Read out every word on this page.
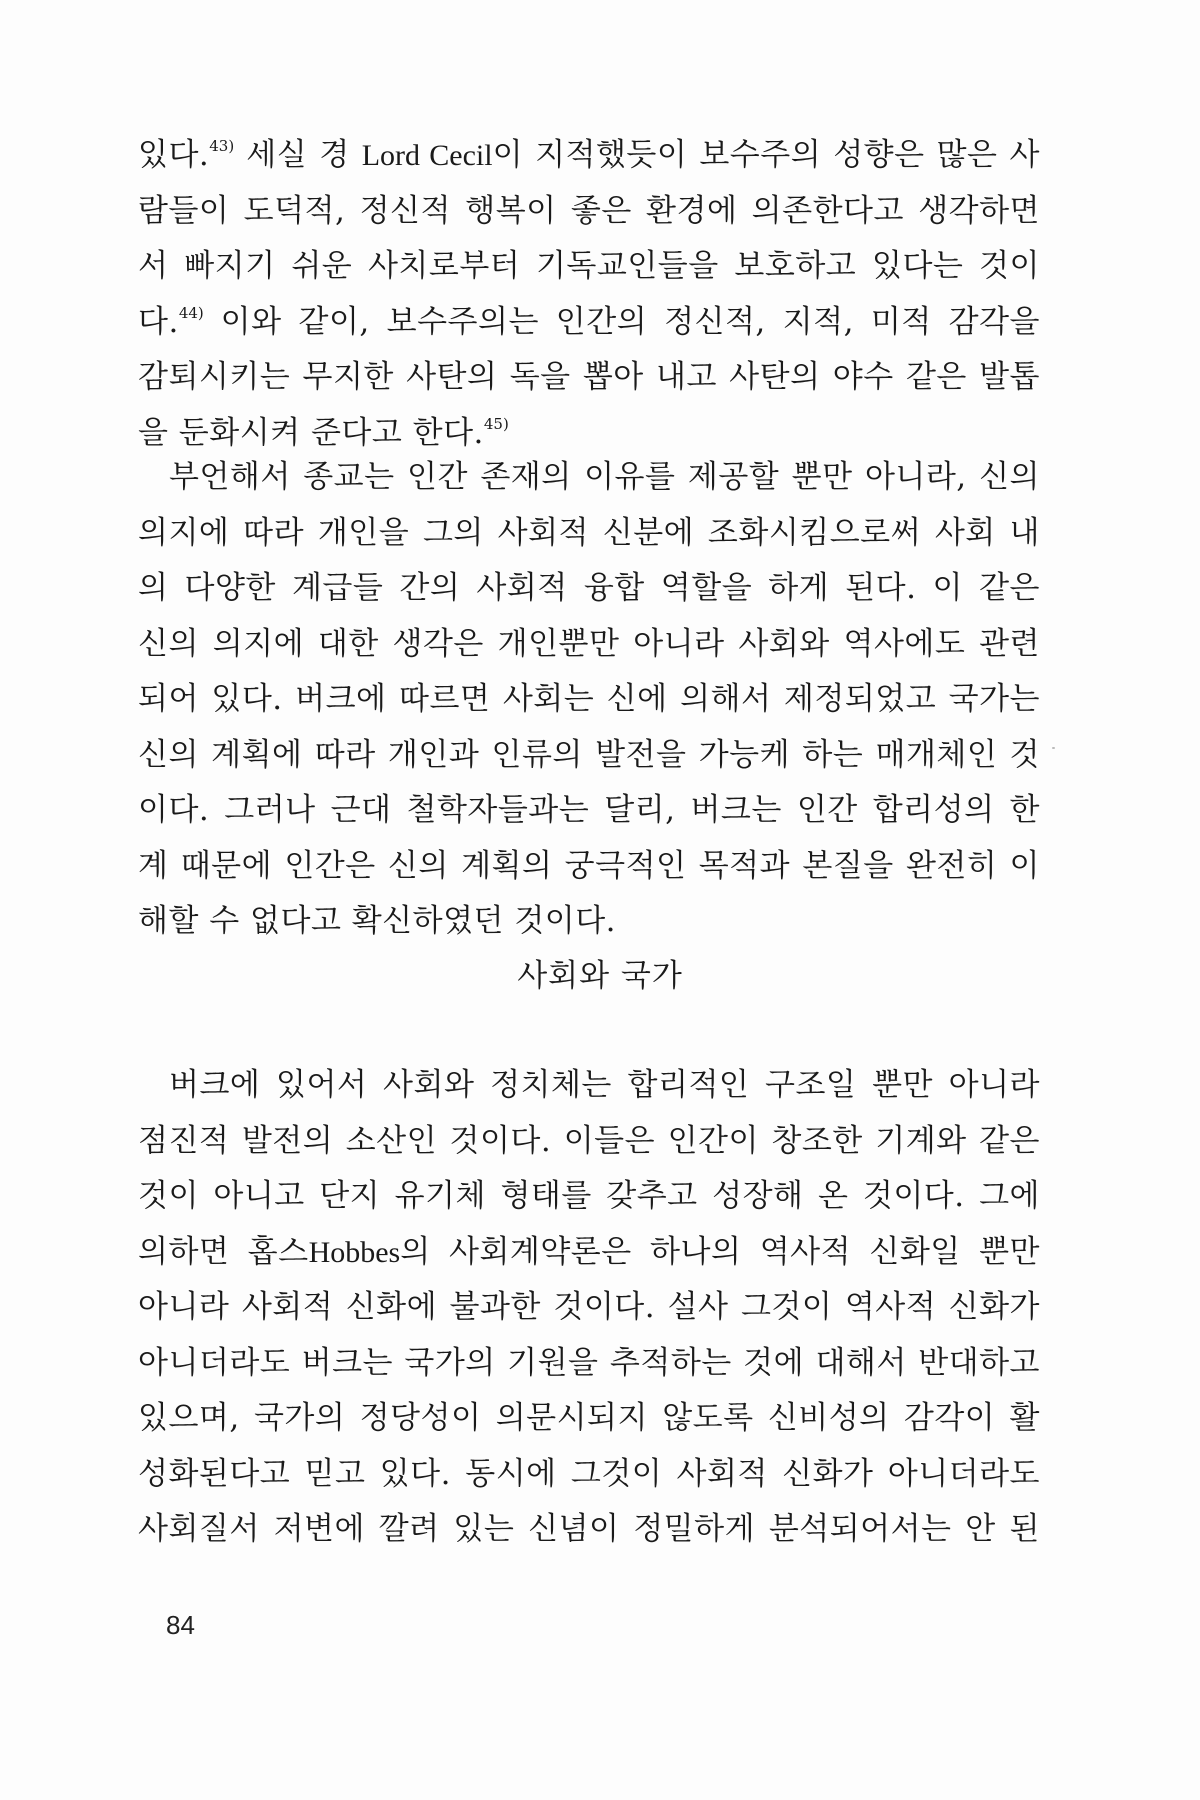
있다.$^{43)}$ 세실 경 Lord Cecil이 지적했듯이 보수주의 성향은 많은 사
람들이 도덕적, 정신적 행복이 좋은 환경에 의존한다고 생각하면
서 빠지기 쉬운 사치로부터 기독교인들을 보호하고 있다는 것이
다.$^{44)}$ 이와 같이, 보수주의는 인간의 정신적, 지적, 미적 감각을
감퇴시키는 무지한 사탄의 독을 뽑아 내고 사탄의 야수 같은 발톱
을 둔화시켜 준다고 한다.$^{45)}$
부언해서 종교는 인간 존재의 이유를 제공할 뿐만 아니라, 신의
의지에 따라 개인을 그의 사회적 신분에 조화시킴으로써 사회 내
의 다양한 계급들 간의 사회적 융합 역할을 하게 된다. 이 같은
신의 의지에 대한 생각은 개인뿐만 아니라 사회와 역사에도 관련
되어 있다. 버크에 따르면 사회는 신에 의해서 제정되었고 국가는
신의 계획에 따라 개인과 인류의 발전을 가능케 하는 매개체인 것
이다. 그러나 근대 철학자들과는 달리, 버크는 인간 합리성의 한
계 때문에 인간은 신의 계획의 궁극적인 목적과 본질을 완전히 이
해할 수 없다고 확신하였던 것이다.
사회와 국가
버크에 있어서 사회와 정치체는 합리적인 구조일 뿐만 아니라
점진적 발전의 소산인 것이다. 이들은 인간이 창조한 기계와 같은
것이 아니고 단지 유기체 형태를 갖추고 성장해 온 것이다. 그에
의하면 홉스Hobbes의 사회계약론은 하나의 역사적 신화일 뿐만
아니라 사회적 신화에 불과한 것이다. 설사 그것이 역사적 신화가
아니더라도 버크는 국가의 기원을 추적하는 것에 대해서 반대하고
있으며, 국가의 정당성이 의문시되지 않도록 신비성의 감각이 활
성화된다고 믿고 있다. 동시에 그것이 사회적 신화가 아니더라도
사회질서 저변에 깔려 있는 신념이 정밀하게 분석되어서는 안 된
84
